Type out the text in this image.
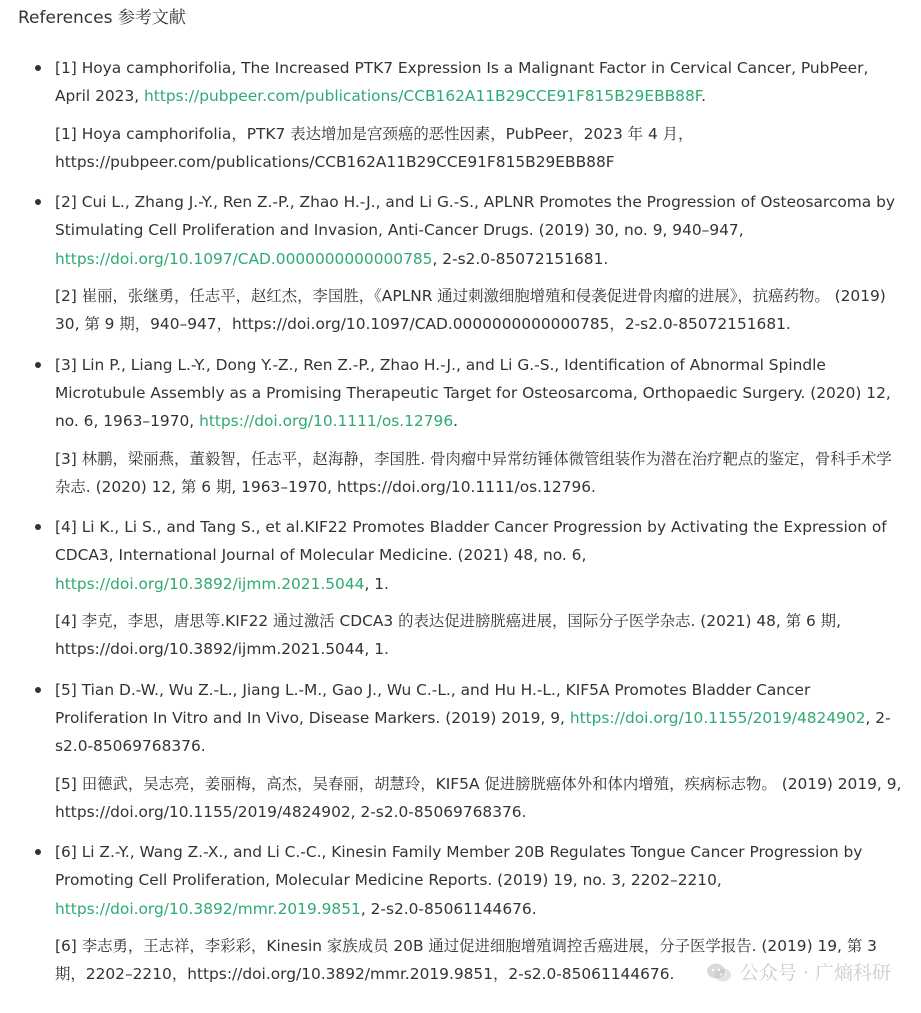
References 参考文献

[1] Hoya camphorifolia, The Increased PTK7 Expression Is a Malignant Factor in Cervical Cancer, PubPeer, April 2023, https://pubpeer.com/publications/CCB162A11B29CCE91F815B29EBB88F.

[1] Hoya camphorifolia，PTK7 表达增加是宫颈癌的恶性因素，PubPeer，2023 年 4 月，https://pubpeer.com/publications/CCB162A11B29CCE91F815B29EBB88F

[2] Cui L., Zhang J.-Y., Ren Z.-P., Zhao H.-J., and Li G.-S., APLNR Promotes the Progression of Osteosarcoma by Stimulating Cell Proliferation and Invasion, Anti-Cancer Drugs. (2019) 30, no. 9, 940–947, https://doi.org/10.1097/CAD.0000000000000785, 2-s2.0-85072151681.

[2] 崔丽，张继勇，任志平，赵红杰，李国胜，《APLNR 通过刺激细胞增殖和侵袭促进骨肉瘤的进展》，抗癌药物。 (2019) 30, 第 9 期，940–947，https://doi.org/10.1097/CAD.0000000000000785，2-s2.0-85072151681.

[3] Lin P., Liang L.-Y., Dong Y.-Z., Ren Z.-P., Zhao H.-J., and Li G.-S., Identification of Abnormal Spindle Microtubule Assembly as a Promising Therapeutic Target for Osteosarcoma, Orthopaedic Surgery. (2020) 12, no. 6, 1963–1970, https://doi.org/10.1111/os.12796.

[3] 林鹏，梁丽燕，董毅智，任志平，赵海静，李国胜. 骨肉瘤中异常纺锤体微管组装作为潜在治疗靶点的鉴定，骨科手术学杂志. (2020) 12, 第 6 期, 1963–1970, https://doi.org/10.1111/os.12796.

[4] Li K., Li S., and Tang S., et al.KIF22 Promotes Bladder Cancer Progression by Activating the Expression of CDCA3, International Journal of Molecular Medicine. (2021) 48, no. 6, https://doi.org/10.3892/ijmm.2021.5044, 1.

[4] 李克，李思，唐思等.KIF22 通过激活 CDCA3 的表达促进膀胱癌进展，国际分子医学杂志. (2021) 48, 第 6 期, https://doi.org/10.3892/ijmm.2021.5044, 1.

[5] Tian D.-W., Wu Z.-L., Jiang L.-M., Gao J., Wu C.-L., and Hu H.-L., KIF5A Promotes Bladder Cancer Proliferation In Vitro and In Vivo, Disease Markers. (2019) 2019, 9, https://doi.org/10.1155/2019/4824902, 2-s2.0-85069768376.

[5] 田德武，吴志亮，姜丽梅，高杰，吴春丽，胡慧玲，KIF5A 促进膀胱癌体外和体内增殖，疾病标志物。 (2019) 2019, 9, https://doi.org/10.1155/2019/4824902, 2-s2.0-85069768376.

[6] Li Z.-Y., Wang Z.-X., and Li C.-C., Kinesin Family Member 20B Regulates Tongue Cancer Progression by Promoting Cell Proliferation, Molecular Medicine Reports. (2019) 19, no. 3, 2202–2210, https://doi.org/10.3892/mmr.2019.9851, 2-s2.0-85061144676.

[6] 李志勇，王志祥，李彩彩，Kinesin 家族成员 20B 通过促进细胞增殖调控舌癌进展，分子医学报告. (2019) 19, 第 3 期，2202–2210，https://doi.org/10.3892/mmr.2019.9851，2-s2.0-85061144676.	公众号 · 广熵科研
